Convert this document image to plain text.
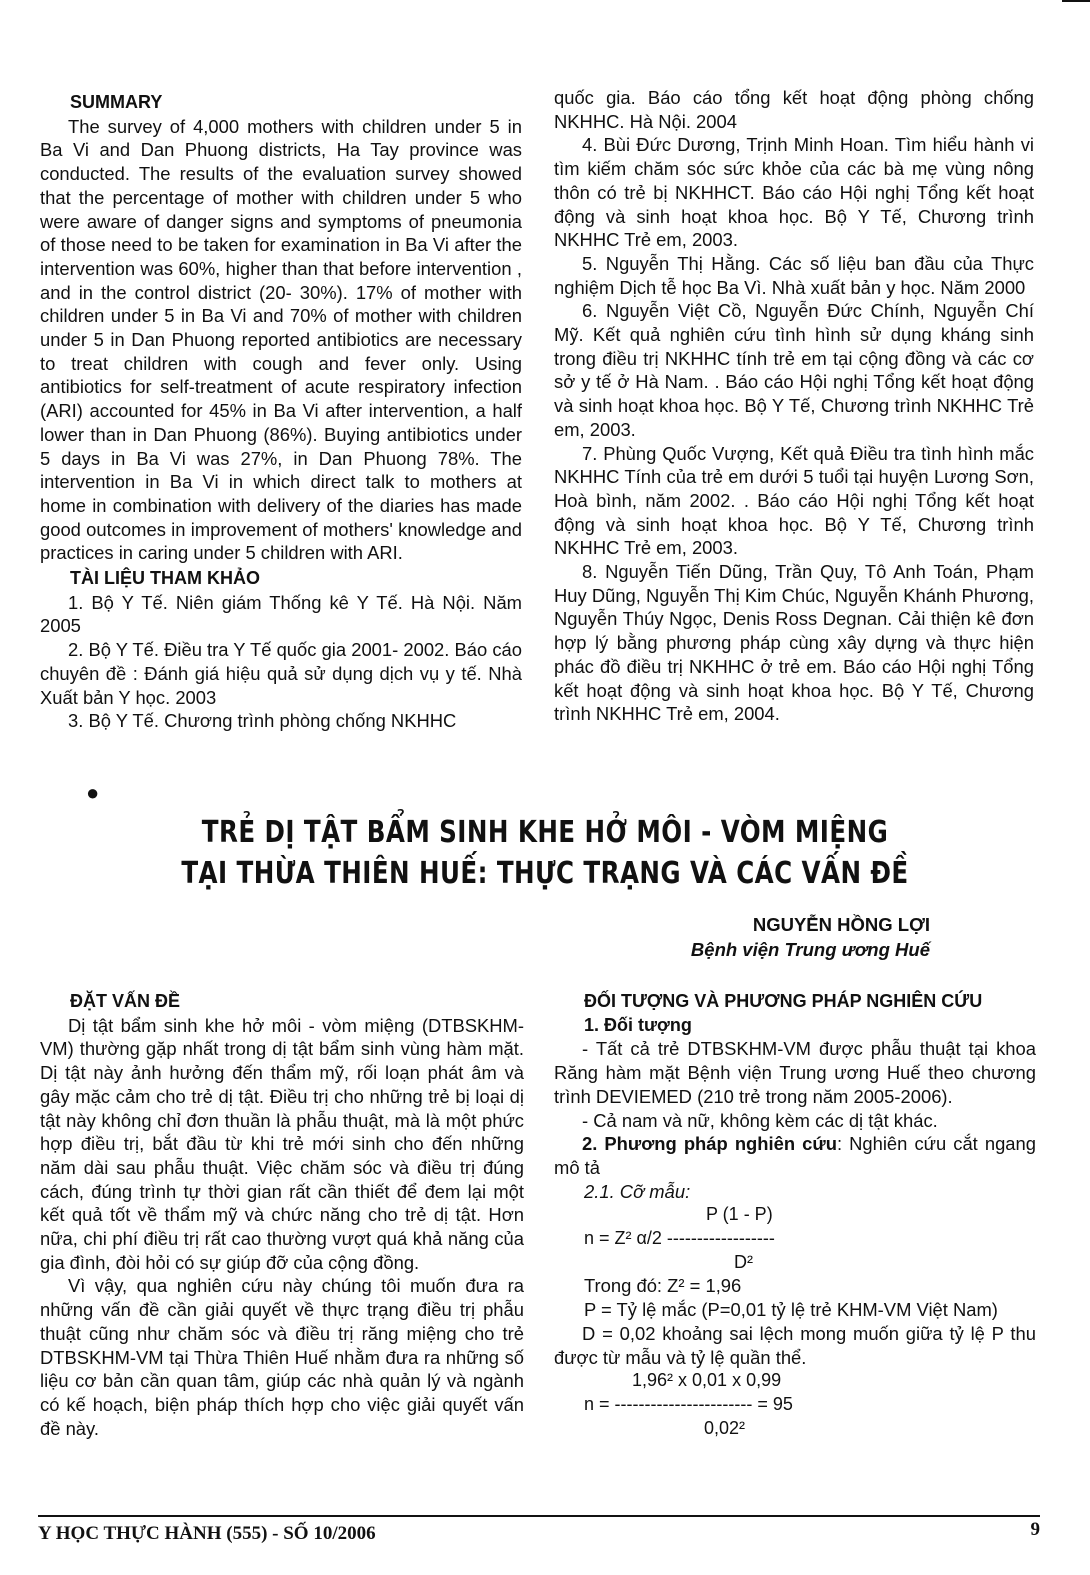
SUMMARY

The survey of 4,000 mothers with children under 5 in Ba Vi and Dan Phuong districts, Ha Tay province was conducted. The results of the evaluation survey showed that the percentage of mother with children under 5 who were aware of danger signs and symptoms of pneumonia of those need to be taken for examination in Ba Vi after the intervention was 60%, higher than that before intervention , and in the control district (20- 30%). 17% of mother with children under 5 in Ba Vi and 70% of mother with children under 5 in Dan Phuong reported antibiotics are necessary to treat children with cough and fever only. Using antibiotics for self-treatment of acute respiratory infection (ARI) accounted for 45% in Ba Vi after intervention, a half lower than in Dan Phuong (86%). Buying antibiotics under 5 days in Ba Vi was 27%, in Dan Phuong 78%. The intervention in Ba Vi in which direct talk to mothers at home in combination with delivery of the diaries has made good outcomes in improvement of mothers' knowledge and practices in caring under 5 children with ARI.

TÀI LIỆU THAM KHẢO

1. Bộ Y Tế. Niên giám Thống kê Y Tế. Hà Nội. Năm 2005

2. Bộ Y Tế. Điều tra Y Tế quốc gia 2001- 2002. Báo cáo chuyên đề : Đánh giá hiệu quả sử dụng dịch vụ y tế. Nhà Xuất bản Y học. 2003

3. Bộ Y Tế. Chương trình phòng chống NKHHC

●

quốc gia. Báo cáo tổng kết hoạt động phòng chống NKHHC. Hà Nội. 2004

4. Bùi Đức Dương, Trịnh Minh Hoan. Tìm hiểu hành vi tìm kiếm chăm sóc sức khỏe của các bà mẹ vùng nông thôn có trẻ bị NKHHCT. Báo cáo Hội nghị Tổng kết hoạt động và sinh hoạt khoa học. Bộ Y Tế, Chương trình NKHHC Trẻ em, 2003.

5. Nguyễn Thị Hằng. Các số liệu ban đầu của Thực nghiệm Dịch tễ học Ba Vì. Nhà xuất bản y học. Năm 2000

6. Nguyễn Việt Cồ, Nguyễn Đức Chính, Nguyễn Chí Mỹ. Kết quả nghiên cứu tình hình sử dụng kháng sinh trong điều trị NKHHC tính trẻ em tại cộng đồng và các cơ sở y tế ở Hà Nam. . Báo cáo Hội nghị Tổng kết hoạt động và sinh hoạt khoa học. Bộ Y Tế, Chương trình NKHHC Trẻ em, 2003.

7. Phùng Quốc Vượng, Kết quả Điều tra tình hình mắc NKHHC Tính của trẻ em dưới 5 tuổi tại huyện Lương Sơn, Hoà bình, năm 2002. . Báo cáo Hội nghị Tổng kết hoạt động và sinh hoạt khoa học. Bộ Y Tế, Chương trình NKHHC Trẻ em, 2003.

8. Nguyễn Tiến Dũng, Trần Quy, Tô Anh Toán, Phạm Huy Dũng, Nguyễn Thị Kim Chúc, Nguyễn Khánh Phương, Nguyễn Thúy Ngọc, Denis Ross Degnan. Cải thiện kê đơn hợp lý bằng phương pháp cùng xây dựng và thực hiện phác đồ điều trị NKHHC ở trẻ em. Báo cáo Hội nghị Tổng kết hoạt động và sinh hoạt khoa học. Bộ Y Tế, Chương trình NKHHC Trẻ em, 2004.

TRẺ DỊ TẬT BẨM SINH KHE HỞ MÔI - VÒM MIỆNG
TẠI THỪA THIÊN HUẾ: THỰC TRẠNG VÀ CÁC VẤN ĐỀ
NGUYỄN HỒNG LỢI
Bệnh viện Trung ương Huế

ĐẶT VẤN ĐỀ

Dị tật bẩm sinh khe hở môi - vòm miệng (DTBSKHM-VM) thường gặp nhất trong dị tật bẩm sinh vùng hàm mặt. Dị tật này ảnh hưởng đến thẩm mỹ, rối loạn phát âm và gây mặc cảm cho trẻ dị tật. Điều trị cho những trẻ bị loại dị tật này không chỉ đơn thuần là phẫu thuật, mà là một phức hợp điều trị, bắt đầu từ khi trẻ mới sinh cho đến những năm dài sau phẫu thuật. Việc chăm sóc và điều trị đúng cách, đúng trình tự thời gian rất cần thiết để đem lại một kết quả tốt về thẩm mỹ và chức năng cho trẻ dị tật. Hơn nữa, chi phí điều trị rất cao thường vượt quá khả năng của gia đình, đòi hỏi có sự giúp đỡ của cộng đồng.

Vì vậy, qua nghiên cứu này chúng tôi muốn đưa ra những vấn đề cần giải quyết về thực trạng điều trị phẫu thuật cũng như chăm sóc và điều trị răng miệng cho trẻ DTBSKHM-VM tại Thừa Thiên Huế nhằm đưa ra những số liệu cơ bản cần quan tâm, giúp các nhà quản lý và ngành có kế hoạch, biện pháp thích hợp cho việc giải quyết vấn đề này.

ĐỐI TƯỢNG VÀ PHƯƠNG PHÁP NGHIÊN CỨU

1. Đối tượng

- Tất cả trẻ DTBSKHM-VM được phẫu thuật tại khoa Răng hàm mặt Bệnh viện Trung ương Huế theo chương trình DEVIEMED (210 trẻ trong năm 2005-2006).

- Cả nam và nữ, không kèm các dị tật khác.

2. Phương pháp nghiên cứu: Nghiên cứu cắt ngang mô tả

2.1. Cỡ mẫu:

P (1 - P)
n = Z² α/2 ------------------
D²

Trong đó: Z² = 1,96

P = Tỷ lệ mắc (P=0,01 tỷ lệ trẻ KHM-VM Việt Nam)

D = 0,02 khoảng sai lệch mong muốn giữa tỷ lệ P thu được từ mẫu và tỷ lệ quần thể.

1,96² x 0,01 x 0,99
n = ----------------------- = 95
0,02²
Y HỌC THỰC HÀNH (555) - SỐ 10/2006	9
